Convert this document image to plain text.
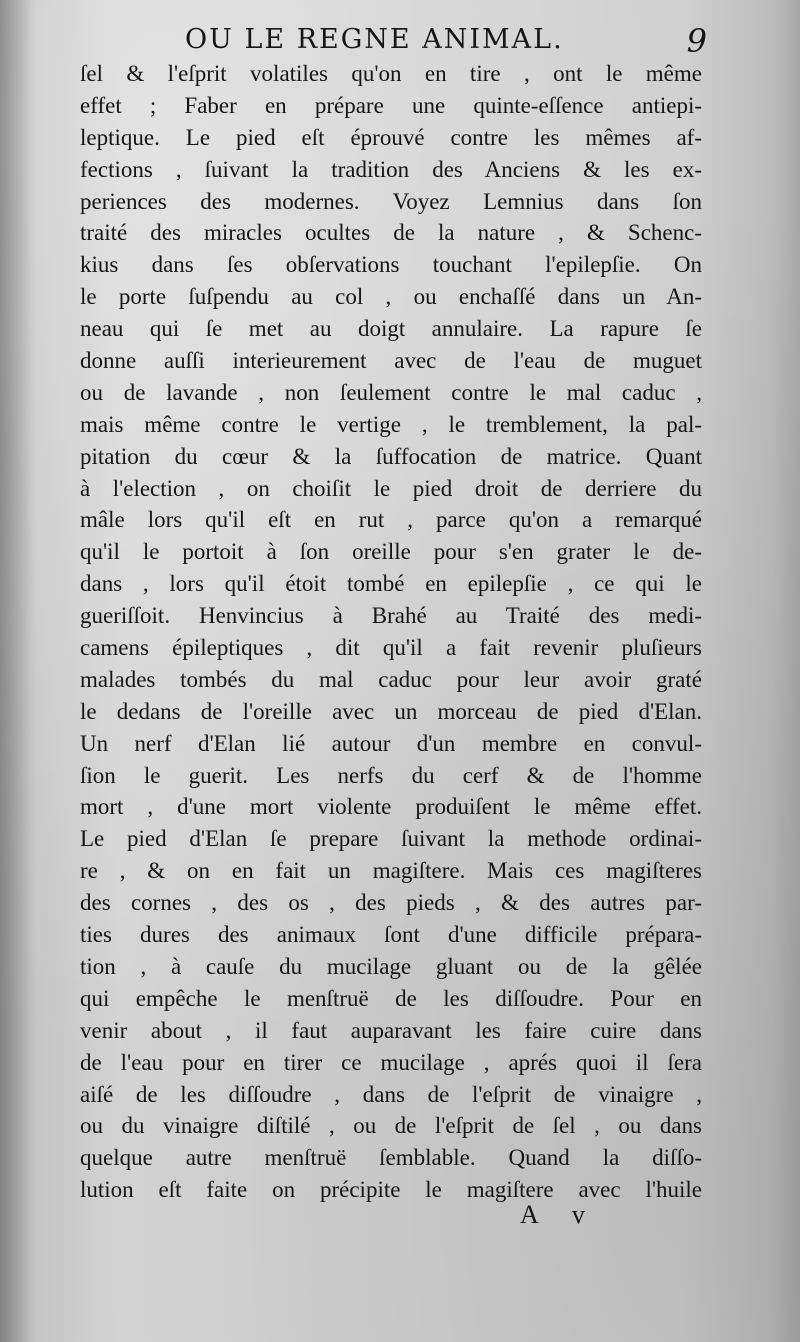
OU LE REGNE ANIMAL.	9
ſel & l'eſprit volatiles qu'on en tire , ont le même
effet ; Faber en prépare une quinte-eſſence antiepi-
leptique. Le pied eſt éprouvé contre les mêmes af-
fections , ſuivant la tradition des Anciens & les ex-
periences des modernes. Voyez Lemnius dans ſon
traité des miracles ocultes de la nature , & Schenc-
kius dans ſes obſervations touchant l'epilepſie. On
le porte ſuſpendu au col , ou enchaſſé dans un An-
neau qui ſe met au doigt annulaire. La rapure ſe
donne auſſi interieurement avec de l'eau de muguet
ou de lavande , non ſeulement contre le mal caduc ,
mais même contre le vertige , le tremblement, la pal-
pitation du cœur & la ſuffocation de matrice. Quant
à l'election , on choiſit le pied droit de derriere du
mâle lors qu'il eſt en rut , parce qu'on a remarqué
qu'il le portoit à ſon oreille pour s'en grater le de-
dans , lors qu'il étoit tombé en epilepſie , ce qui le
gueriſſoit. Henvincius à Brahé au Traité des medi-
camens épileptiques , dit qu'il a fait revenir pluſieurs
malades tombés du mal caduc pour leur avoir graté
le dedans de l'oreille avec un morceau de pied d'Elan.
Un nerf d'Elan lié autour d'un membre en convul-
ſion le guerit. Les nerfs du cerf & de l'homme
mort , d'une mort violente produiſent le même effet.
Le pied d'Elan ſe prepare ſuivant la methode ordinai-
re , & on en fait un magiſtere. Mais ces magiſteres
des cornes , des os , des pieds , & des autres par-
ties dures des animaux ſont d'une difficile prépara-
tion , à cauſe du mucilage gluant ou de la gêlée
qui empêche le menſtruë de les diſſoudre. Pour en
venir about , il faut auparavant les faire cuire dans
de l'eau pour en tirer ce mucilage , aprés quoi il ſera
aiſé de les diſſoudre , dans de l'eſprit de vinaigre ,
ou du vinaigre diſtilé , ou de l'eſprit de ſel , ou dans
quelque autre menſtruë ſemblable. Quand la diſſo-
lution eſt faite on précipite le magiſtere avec l'huile
A v
